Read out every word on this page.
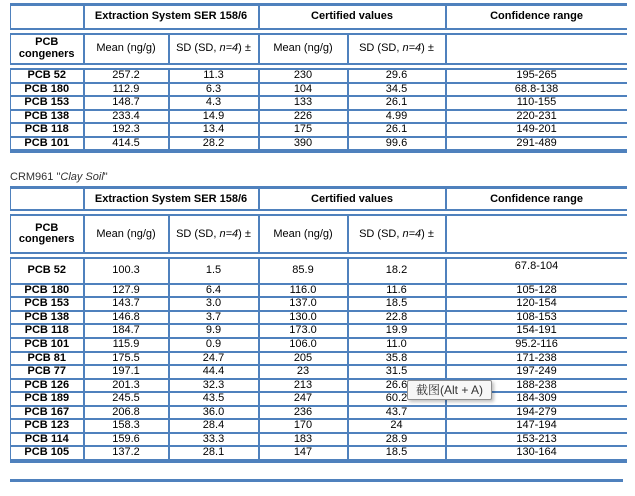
	Extraction System SER 158/6		Certified values		Confidence range
PCB congeners	Mean (ng/g)	SD (SD, n=4) ±	Mean (ng/g)	SD (SD, n=4) ±	
PCB 52	257.2	11.3	230	29.6	195-265
PCB 180	112.9	6.3	104	34.5	68.8-138
PCB 153	148.7	4.3	133	26.1	110-155
PCB 138	233.4	14.9	226	4.99	220-231
PCB 118	192.3	13.4	175	26.1	149-201
PCB 101	414.5	28.2	390	99.6	291-489
CRM961 "Clay Soil"
	Extraction System SER 158/6		Certified values		Confidence range
PCB congeners	Mean (ng/g)	SD (SD, n=4) ±	Mean (ng/g)	SD (SD, n=4) ±	
PCB 52	100.3	1.5	85.9	18.2	67.8-104
PCB 180	127.9	6.4	116.0	11.6	105-128
PCB 153	143.7	3.0	137.0	18.5	120-154
PCB 138	146.8	3.7	130.0	22.8	108-153
PCB 118	184.7	9.9	173.0	19.9	154-191
PCB 101	115.9	0.9	106.0	11.0	95.2-116
PCB 81	175.5	24.7	205	35.8	171-238
PCB 77	197.1	44.4	23	31.5	197-249
PCB 126	201.3	32.3	213	26.6	188-238
PCB 189	245.5	43.5	247	60.2	184-309
PCB 167	206.8	36.0	236	43.7	194-279
PCB 123	158.3	28.4	170	24	147-194
PCB 114	159.6	33.3	183	28.9	153-213
PCB 105	137.2	28.1	147	18.5	130-164
截图(Alt + A)
